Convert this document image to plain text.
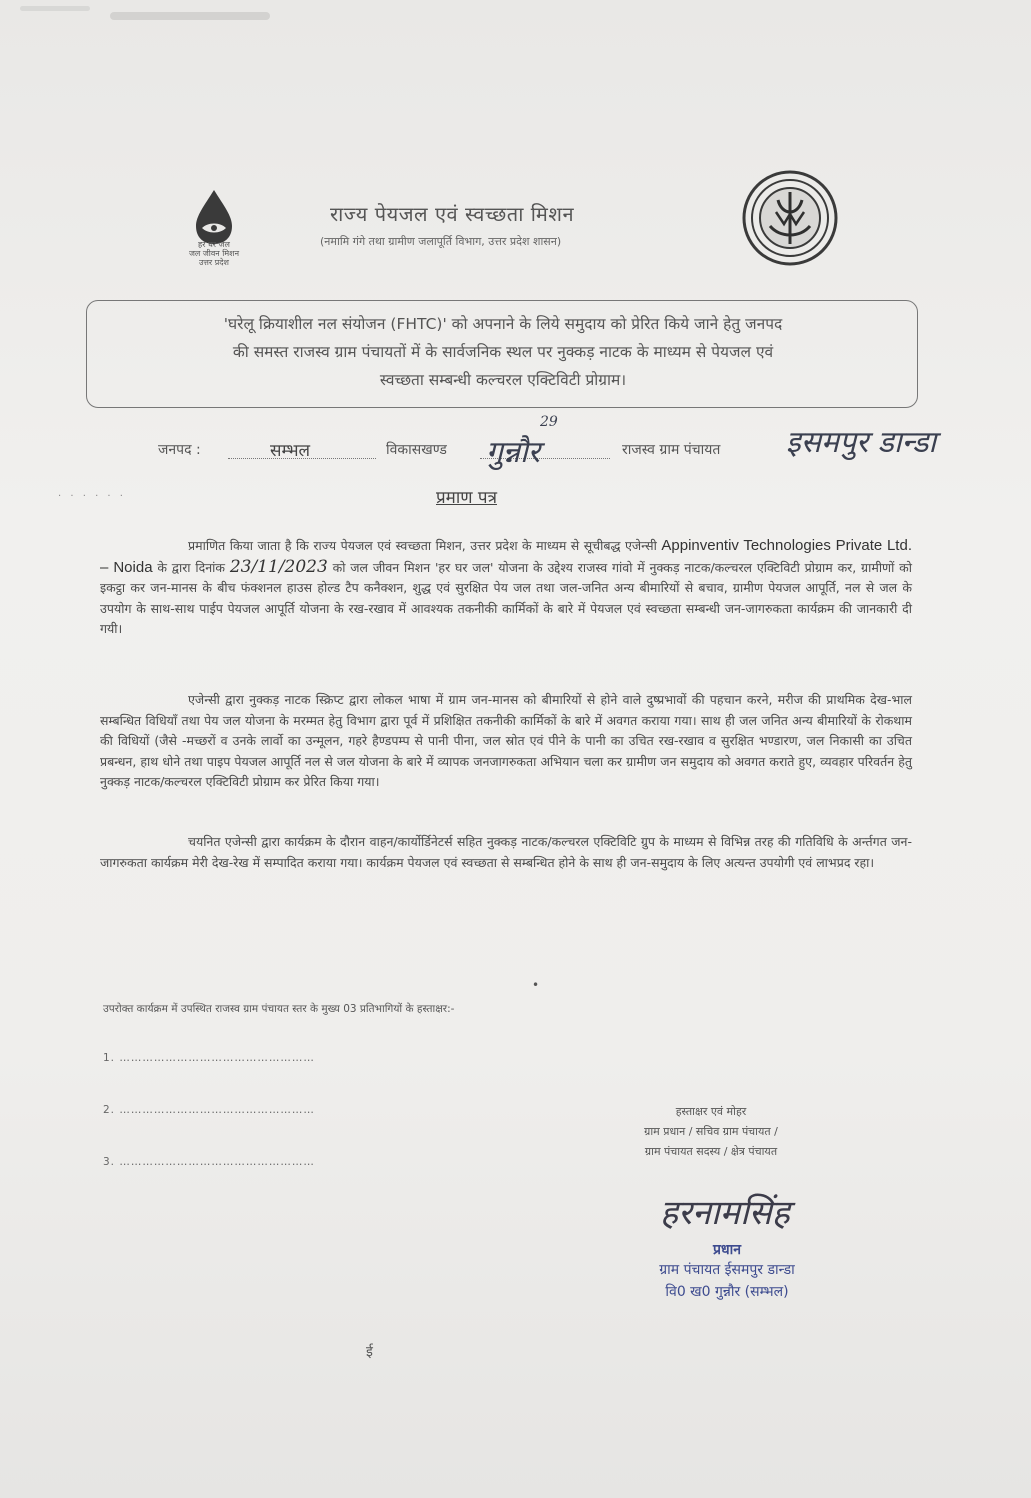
हर घर जल
जल जीवन मिशन
उत्तर प्रदेश
राज्य पेयजल एवं स्वच्छता मिशन
(नमामि गंगे तथा ग्रामीण जलापूर्ति विभाग, उत्तर प्रदेश शासन)
'घरेलू क्रियाशील नल संयोजन (FHTC)' को अपनाने के लिये समुदाय को प्रेरित किये जाने हेतु जनपद
की समस्त राजस्व ग्राम पंचायतों में के सार्वजनिक स्थल पर नुक्कड़ नाटक के माध्यम से पेयजल एवं
स्वच्छता सम्बन्धी कल्चरल एक्टिविटी प्रोग्राम।
जनपद :	सम्भल	विकासखण्ड
29
गुन्नौर	राजस्व ग्राम पंचायत इसमपुर डान्डा
. . . . . .	प्रमाण पत्र
प्रमाणित किया जाता है कि राज्य पेयजल एवं स्वच्छता मिशन, उत्तर प्रदेश के माध्यम से सूचीबद्ध एजेन्सी Appinventiv Technologies Private Ltd. – Noida के द्वारा दिनांक 23/11/2023 को जल जीवन मिशन 'हर घर जल' योजना के उद्देश्य राजस्व गांवो में नुक्कड़ नाटक/कल्चरल एक्टिविटी प्रोग्राम कर, ग्रामीणों को इकट्ठा कर जन-मानस के बीच फंक्शनल हाउस होल्ड टैप कनैक्शन, शुद्ध एवं सुरक्षित पेय जल तथा जल-जनित अन्य बीमारियों से बचाव, ग्रामीण पेयजल आपूर्ति, नल से जल के उपयोग के साथ-साथ पाईप पेयजल आपूर्ति योजना के रख-रखाव में आवश्यक तकनीकी कार्मिकों के बारे में पेयजल एवं स्वच्छता सम्बन्धी जन-जागरुकता कार्यक्रम की जानकारी दी गयी।
एजेन्सी द्वारा नुक्कड़ नाटक स्क्रिप्ट द्वारा लोकल भाषा में ग्राम जन-मानस को बीमारियों से होने वाले दुष्प्रभावों की पहचान करने, मरीज की प्राथमिक देख-भाल सम्बन्धित विधियाँ तथा पेय जल योजना के मरम्मत हेतु विभाग द्वारा पूर्व में प्रशिक्षित तकनीकी कार्मिकों के बारे में अवगत कराया गया। साथ ही जल जनित अन्य बीमारियों के रोकथाम की विधियों (जैसे -मच्छरों व उनके लार्वो का उन्मूलन, गहरे हैण्डपम्प से पानी पीना, जल स्रोत एवं पीने के पानी का उचित रख-रखाव व सुरक्षित भण्डारण, जल निकासी का उचित प्रबन्धन, हाथ धोने तथा पाइप पेयजल आपूर्ति नल से जल योजना के बारे में व्यापक जनजागरुकता अभियान चला कर ग्रामीण जन समुदाय को अवगत कराते हुए, व्यवहार परिवर्तन हेतु नुक्कड़ नाटक/कल्चरल एक्टिविटी प्रोग्राम कर प्रेरित किया गया।
चयनित एजेन्सी द्वारा कार्यक्रम के दौरान वाहन/कार्योर्डिनेटर्स सहित नुक्कड़ नाटक/कल्चरल एक्टिविटि ग्रुप के माध्यम से विभिन्न तरह की गतिविधि के अर्न्तगत जन-जागरुकता कार्यक्रम मेरी देख-रेख में सम्पादित कराया गया। कार्यक्रम पेयजल एवं स्वच्छता से सम्बन्धित होने के साथ ही जन-समुदाय के लिए अत्यन्त उपयोगी एवं लाभप्रद रहा।
•
उपरोक्त कार्यक्रम में उपस्थित राजस्व ग्राम पंचायत स्तर के मुख्य 03 प्रतिभागियों के हस्ताक्षर:-
1. ……………………………………………
2. ……………………………………………
3. ……………………………………………
हस्ताक्षर एवं मोहर
ग्राम प्रधान / सचिव ग्राम पंचायत /
ग्राम पंचायत सदस्य / क्षेत्र पंचायत
हरनामसिंह
प्रधान
ग्राम पंचायत ईसमपुर डान्डा
वि0 ख0 गुन्नौर (सम्भल)
ई
